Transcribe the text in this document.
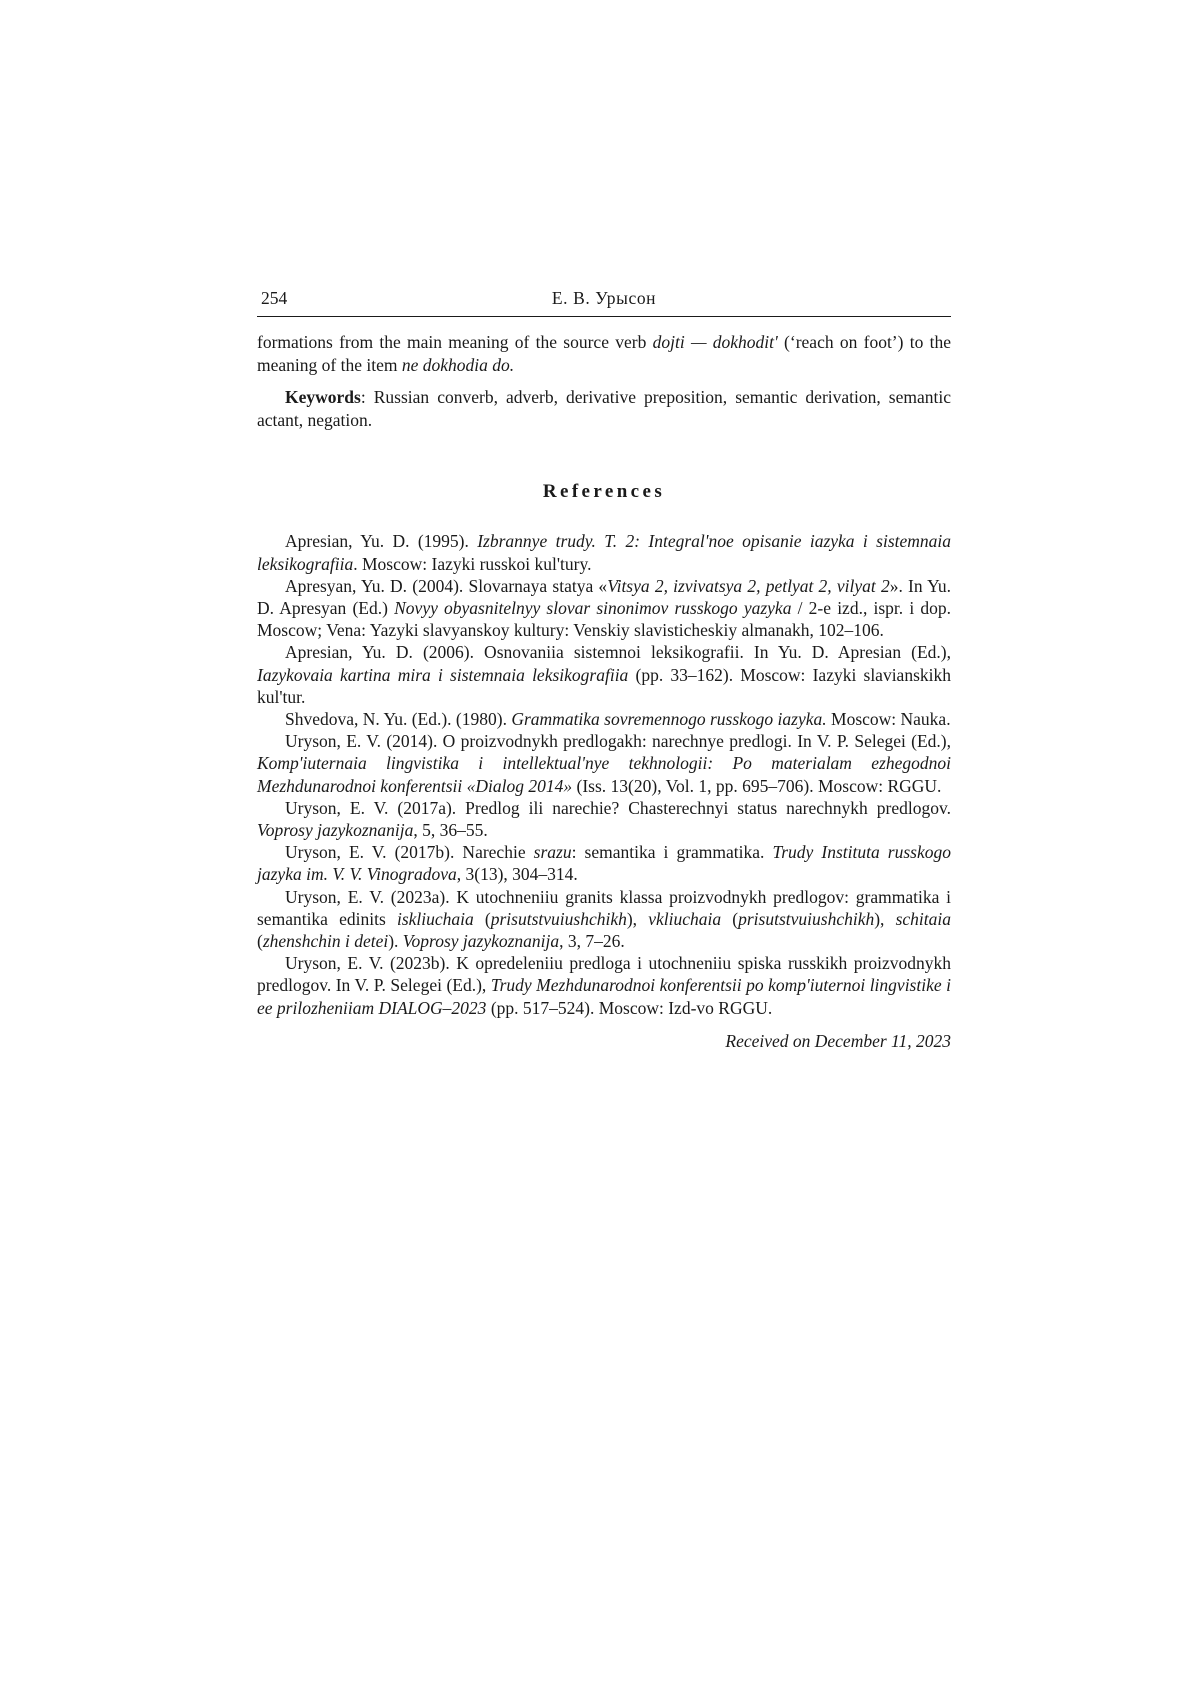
254	Е. В. Урысон

formations from the main meaning of the source verb dojti — dokhodit' (‘reach on foot’) to the meaning of the item ne dokhodia do.

Keywords: Russian converb, adverb, derivative preposition, semantic derivation, semantic actant, negation.

References

Apresian, Yu. D. (1995). Izbrannye trudy. T. 2: Integral'noe opisanie iazyka i sistemnaia leksikografiia. Moscow: Iazyki russkoi kul'tury.

Apresyan, Yu. D. (2004). Slovarnaya statya «Vitsya 2, izvivatsya 2, petlyat 2, vilyat 2». In Yu. D. Apresyan (Ed.) Novyy obyasnitelnyy slovar sinonimov russkogo yazyka / 2-e izd., ispr. i dop. Moscow; Vena: Yazyki slavyanskoy kultury: Venskiy slavisticheskiy almanakh, 102–106.

Apresian, Yu. D. (2006). Osnovaniia sistemnoi leksikografii. In Yu. D. Apresian (Ed.), Iazykovaia kartina mira i sistemnaia leksikografiia (pp. 33–162). Moscow: Iazyki slavianskikh kul'tur.

Shvedova, N. Yu. (Ed.). (1980). Grammatika sovremennogo russkogo iazyka. Moscow: Nauka.

Uryson, E. V. (2014). O proizvodnykh predlogakh: narechnye predlogi. In V. P. Selegei (Ed.), Komp'iuternaia lingvistika i intellektual'nye tekhnologii: Po materialam ezhegodnoi Mezhdunarodnoi konferentsii «Dialog 2014» (Iss. 13(20), Vol. 1, pp. 695–706). Moscow: RGGU.

Uryson, E. V. (2017a). Predlog ili narechie? Chasterechnyi status narechnykh predlogov. Voprosy jazykoznanija, 5, 36–55.

Uryson, E. V. (2017b). Narechie srazu: semantika i grammatika. Trudy Instituta russkogo jazyka im. V. V. Vinogradova, 3(13), 304–314.

Uryson, E. V. (2023a). K utochneniiu granits klassa proizvodnykh predlogov: grammatika i semantika edinits iskliuchaia (prisutstvuiushchikh), vkliuchaia (prisutstvuiushchikh), schitaia (zhenshchin i detei). Voprosy jazykoznanija, 3, 7–26.

Uryson, E. V. (2023b). K opredeleniiu predloga i utochneniiu spiska russkikh proizvodnykh predlogov. In V. P. Selegei (Ed.), Trudy Mezhdunarodnoi konferentsii po komp'iuternoi lingvistike i ee prilozheniiam DIALOG–2023 (pp. 517–524). Moscow: Izd-vo RGGU.

Received on December 11, 2023
